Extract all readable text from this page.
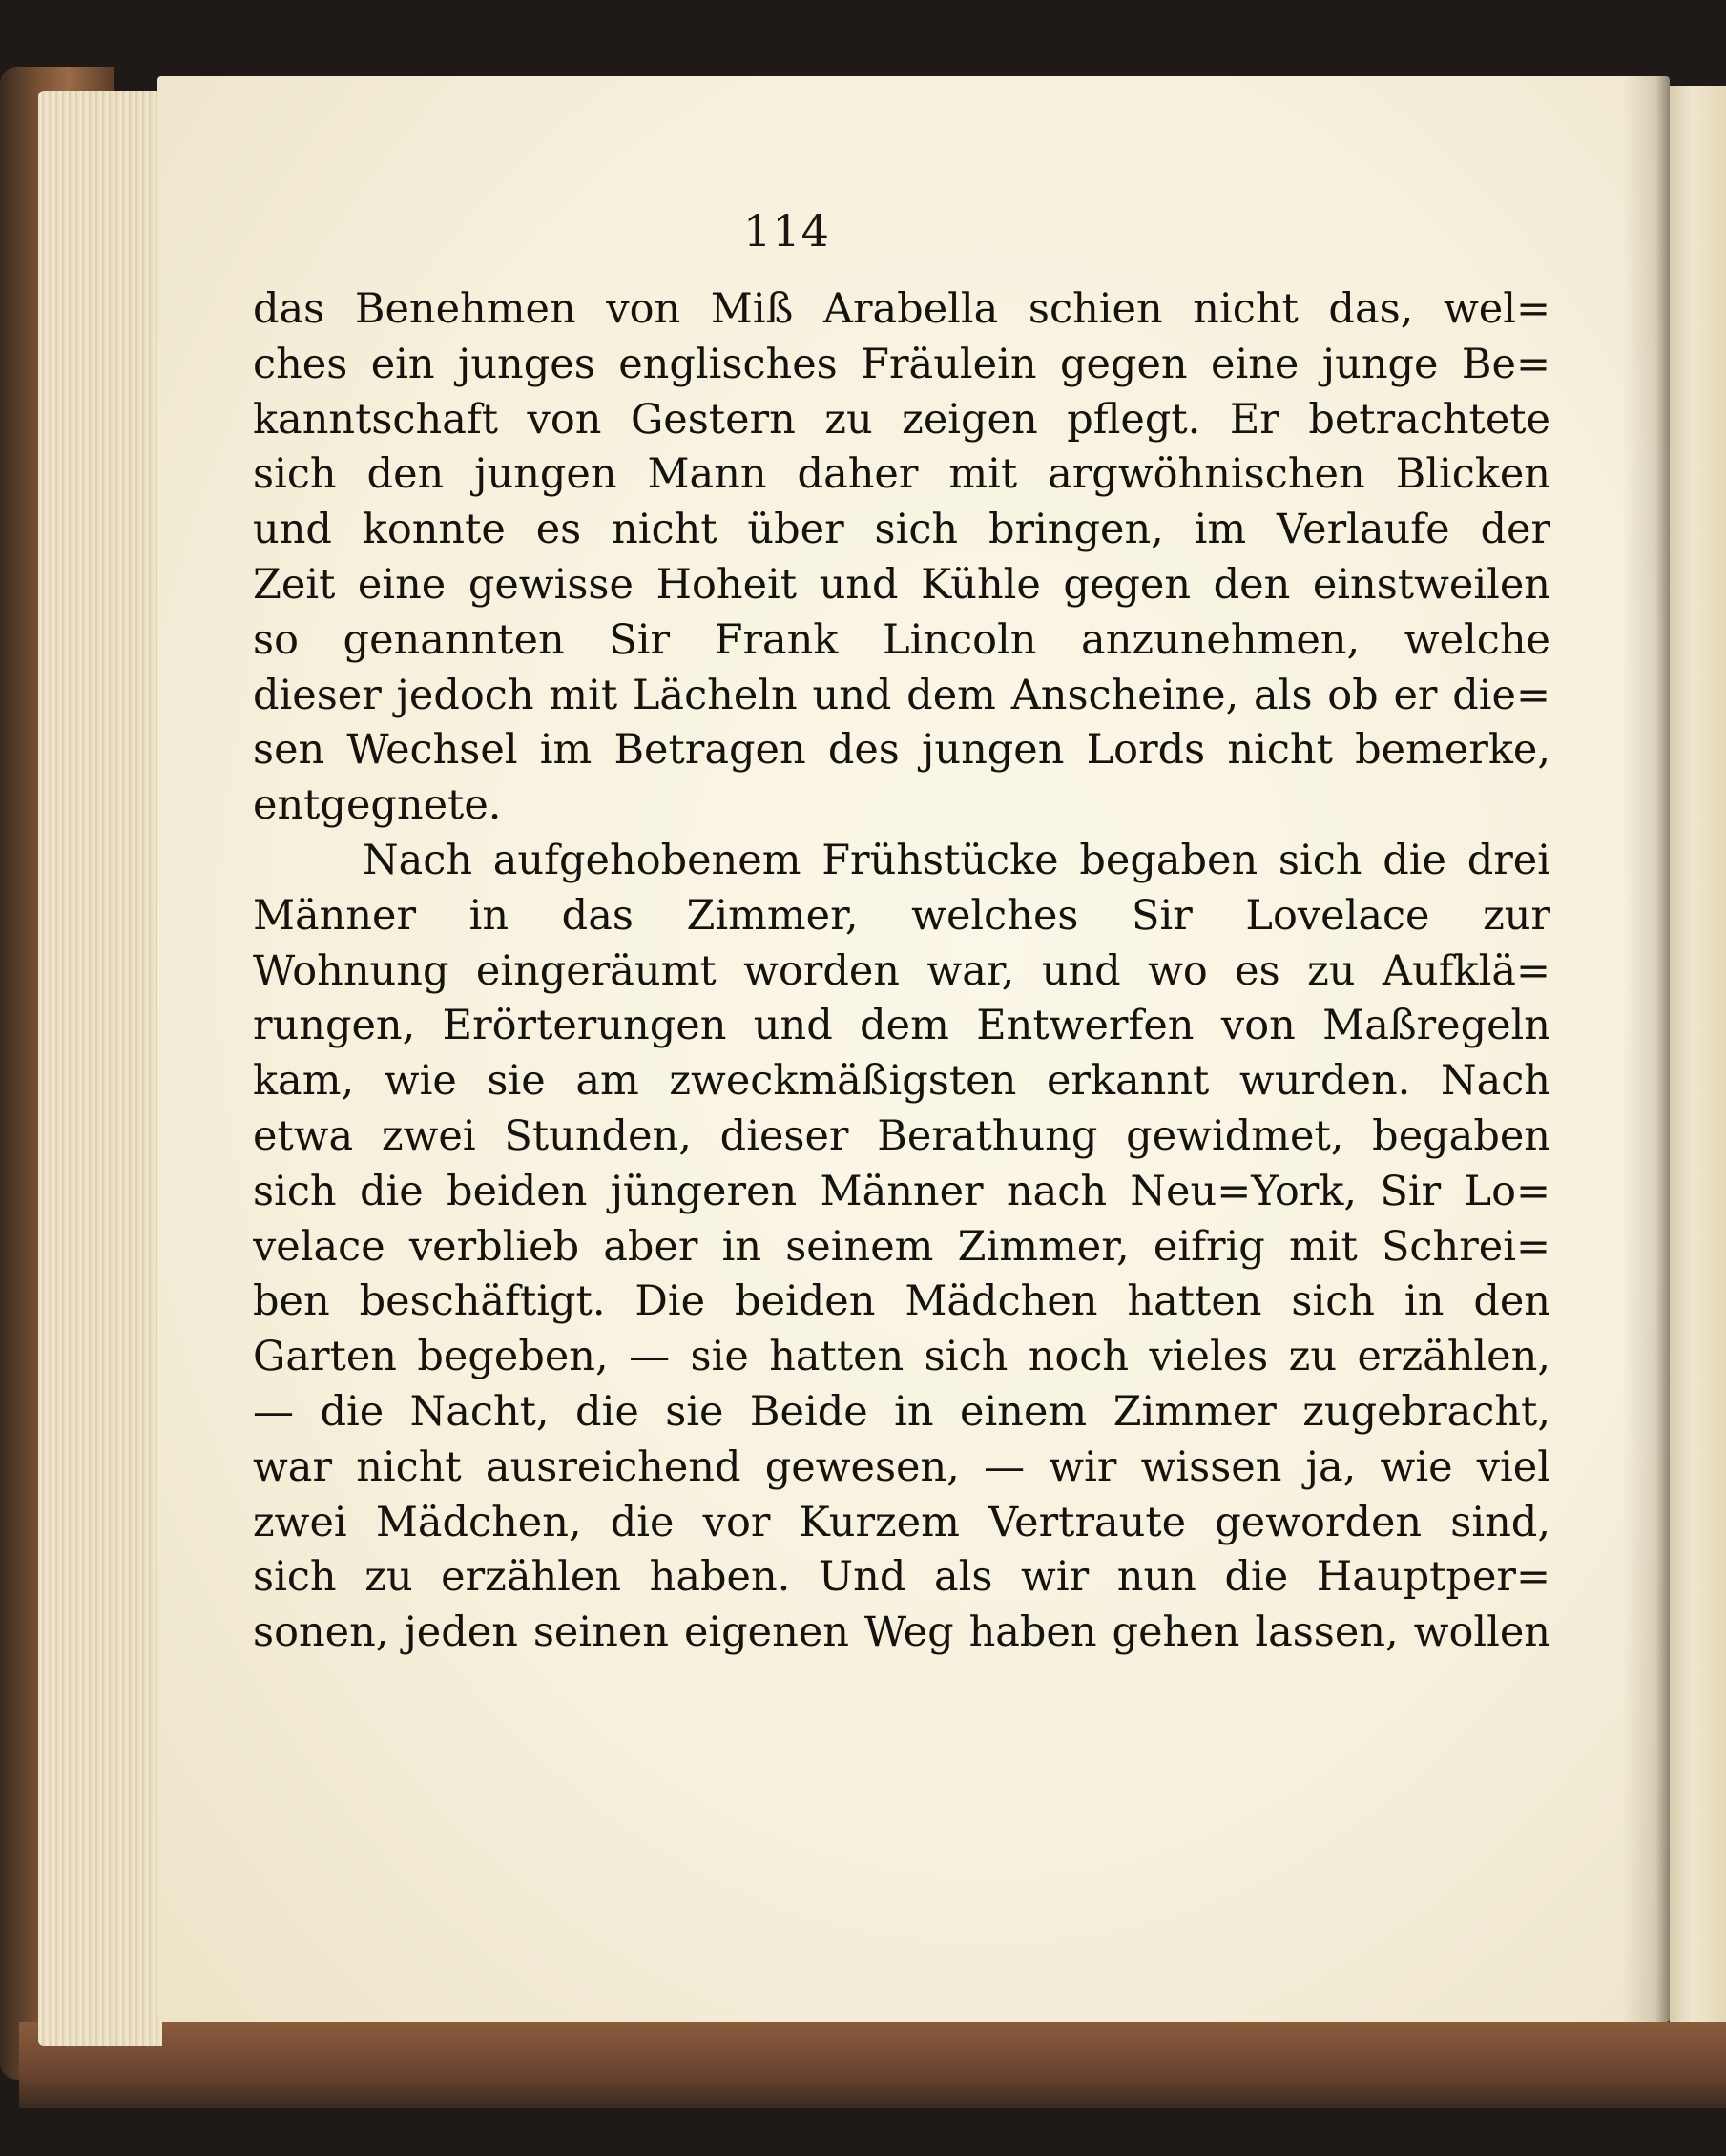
114
das Benehmen von Miß Arabella schien nicht das, wel=
ches ein junges englisches Fräulein gegen eine junge Be=
kanntschaft von Gestern zu zeigen pflegt. Er betrachtete
sich den jungen Mann daher mit argwöhnischen Blicken
und konnte es nicht über sich bringen, im Verlaufe der
Zeit eine gewisse Hoheit und Kühle gegen den einstweilen
so genannten Sir Frank Lincoln anzunehmen, welche
dieser jedoch mit Lächeln und dem Anscheine, als ob er die=
sen Wechsel im Betragen des jungen Lords nicht bemerke,
entgegnete.
Nach aufgehobenem Frühstücke begaben sich die drei
Männer in das Zimmer, welches Sir Lovelace zur
Wohnung eingeräumt worden war, und wo es zu Aufklä=
rungen, Erörterungen und dem Entwerfen von Maßregeln
kam, wie sie am zweckmäßigsten erkannt wurden. Nach
etwa zwei Stunden, dieser Berathung gewidmet, begaben
sich die beiden jüngeren Männer nach Neu=York, Sir Lo=
velace verblieb aber in seinem Zimmer, eifrig mit Schrei=
ben beschäftigt. Die beiden Mädchen hatten sich in den
Garten begeben, — sie hatten sich noch vieles zu erzählen,
— die Nacht, die sie Beide in einem Zimmer zugebracht,
war nicht ausreichend gewesen, — wir wissen ja, wie viel
zwei Mädchen, die vor Kurzem Vertraute geworden sind,
sich zu erzählen haben. Und als wir nun die Hauptper=
sonen, jeden seinen eigenen Weg haben gehen lassen, wollen
